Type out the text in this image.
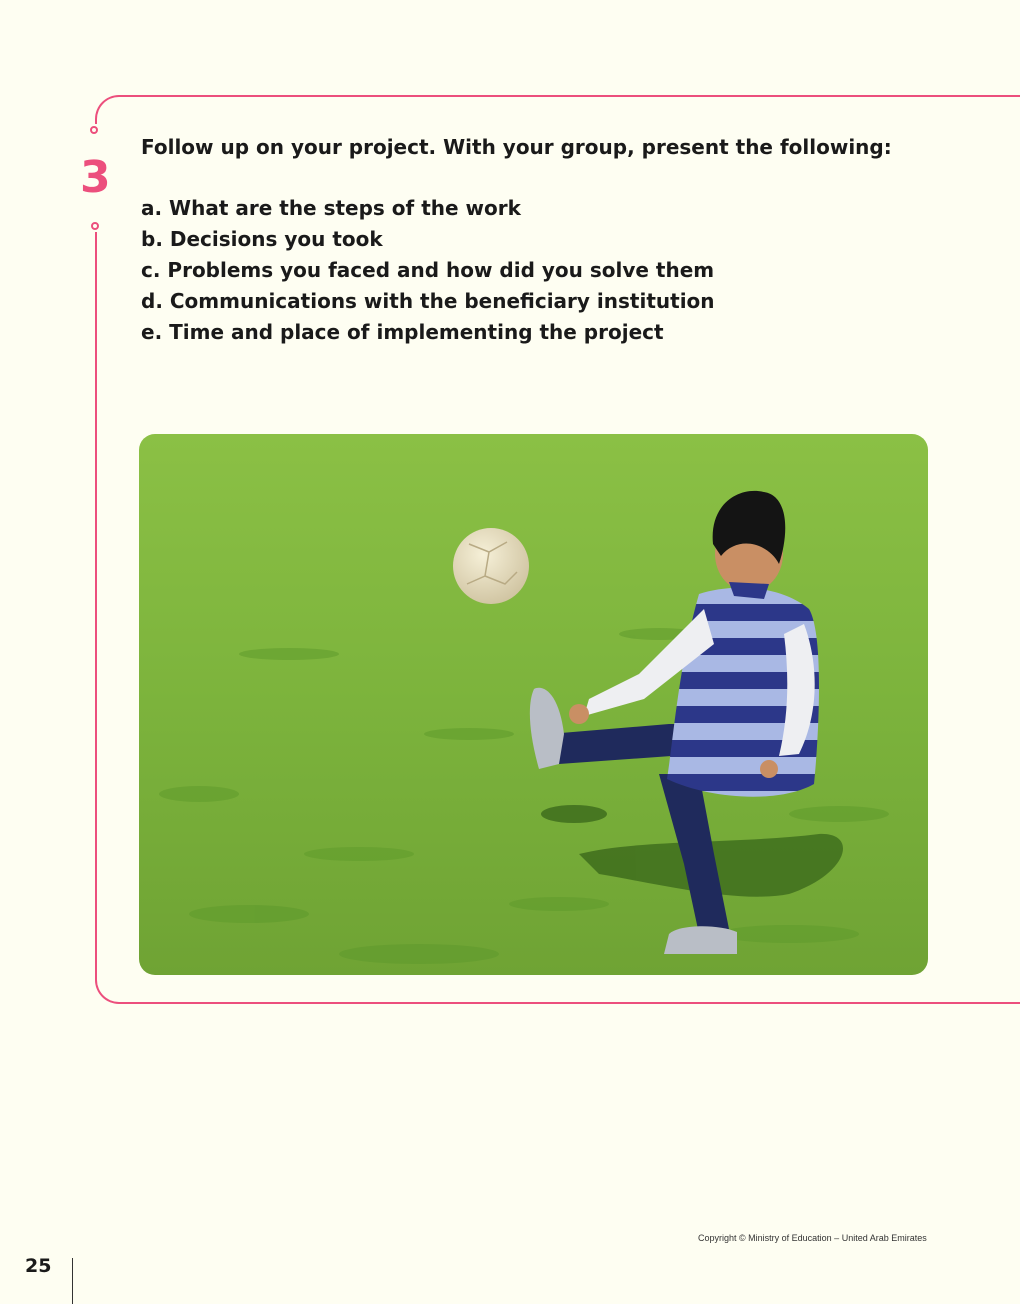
3
Follow up on your project. With your group, present the following:
a. What are the steps of the work
b. Decisions you took
c. Problems you faced and how did you solve them
d. Communications with the beneficiary institution
e. Time and place of implementing the project
Copyright © Ministry of Education – United Arab Emirates
25
